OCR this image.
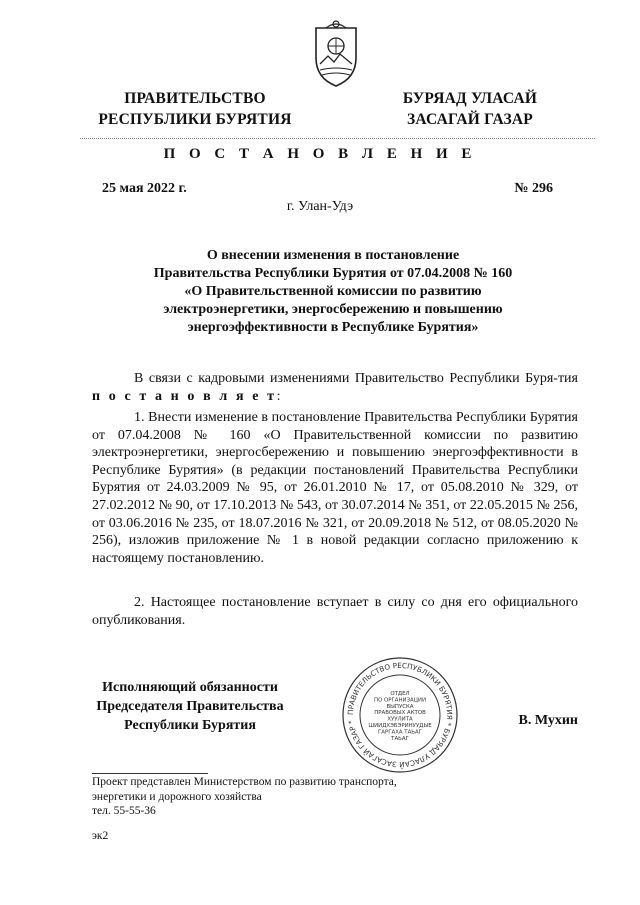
ПРАВИТЕЛЬСТВО
РЕСПУБЛИКИ БУРЯТИЯ
БУРЯАД УЛАСАЙ
ЗАСАГАЙ ГАЗАР
П О С Т А Н О В Л Е Н И Е
25 мая 2022 г.	№ 296
г. Улан-Удэ
О внесении изменения в постановление
Правительства Республики Бурятия от 07.04.2008 № 160
«О Правительственной комиссии по развитию
электроэнергетики, энергосбережению и повышению
энергоэффективности в Республике Бурятия»
В связи с кадровыми изменениями Правительство Республики Буря-тия п о с т а н о в л я е т:
1. Внести изменение в постановление Правительства Республики Бурятия от 07.04.2008 № 160 «О Правительственной комиссии по развитию электроэнергетики, энергосбережению и повышению энергоэффективности в Республике Бурятия» (в редакции постановлений Правительства Республики Бурятия от 24.03.2009 № 95, от 26.01.2010 № 17, от 05.08.2010 № 329, от 27.02.2012 № 90, от 17.10.2013 № 543, от 30.07.2014 № 351, от 22.05.2015 № 256, от 03.06.2016 № 235, от 18.07.2016 № 321, от 20.09.2018 № 512, от 08.05.2020 № 256), изложив приложение № 1 в новой редакции согласно приложению к настоящему постановлению.
2. Настоящее постановление вступает в силу со дня его официального опубликования.
Исполняющий обязанности
Председателя Правительства
Республики Бурятия
ПРАВИТЕЛЬСТВО РЕСПУБЛИКИ БУРЯТИЯ * БУРЯАД УЛАСАЙ ЗАСАГАЙ ГАЗАР *
ОТДЕЛ
ПО ОРГАНИЗАЦИИ
ВЫПУСКА
ПРАВОВЫХ АКТОВ
ХУУЛИТА
ШИИДХЭБЭРИНУУДЫЕ
ГАРГАХА ТАЬАГ
ТАЬАГ
В. Мухин
Проект представлен Министерством по развитию транспорта,
энергетики и дорожного хозяйства
тел. 55-55-36
эк2
